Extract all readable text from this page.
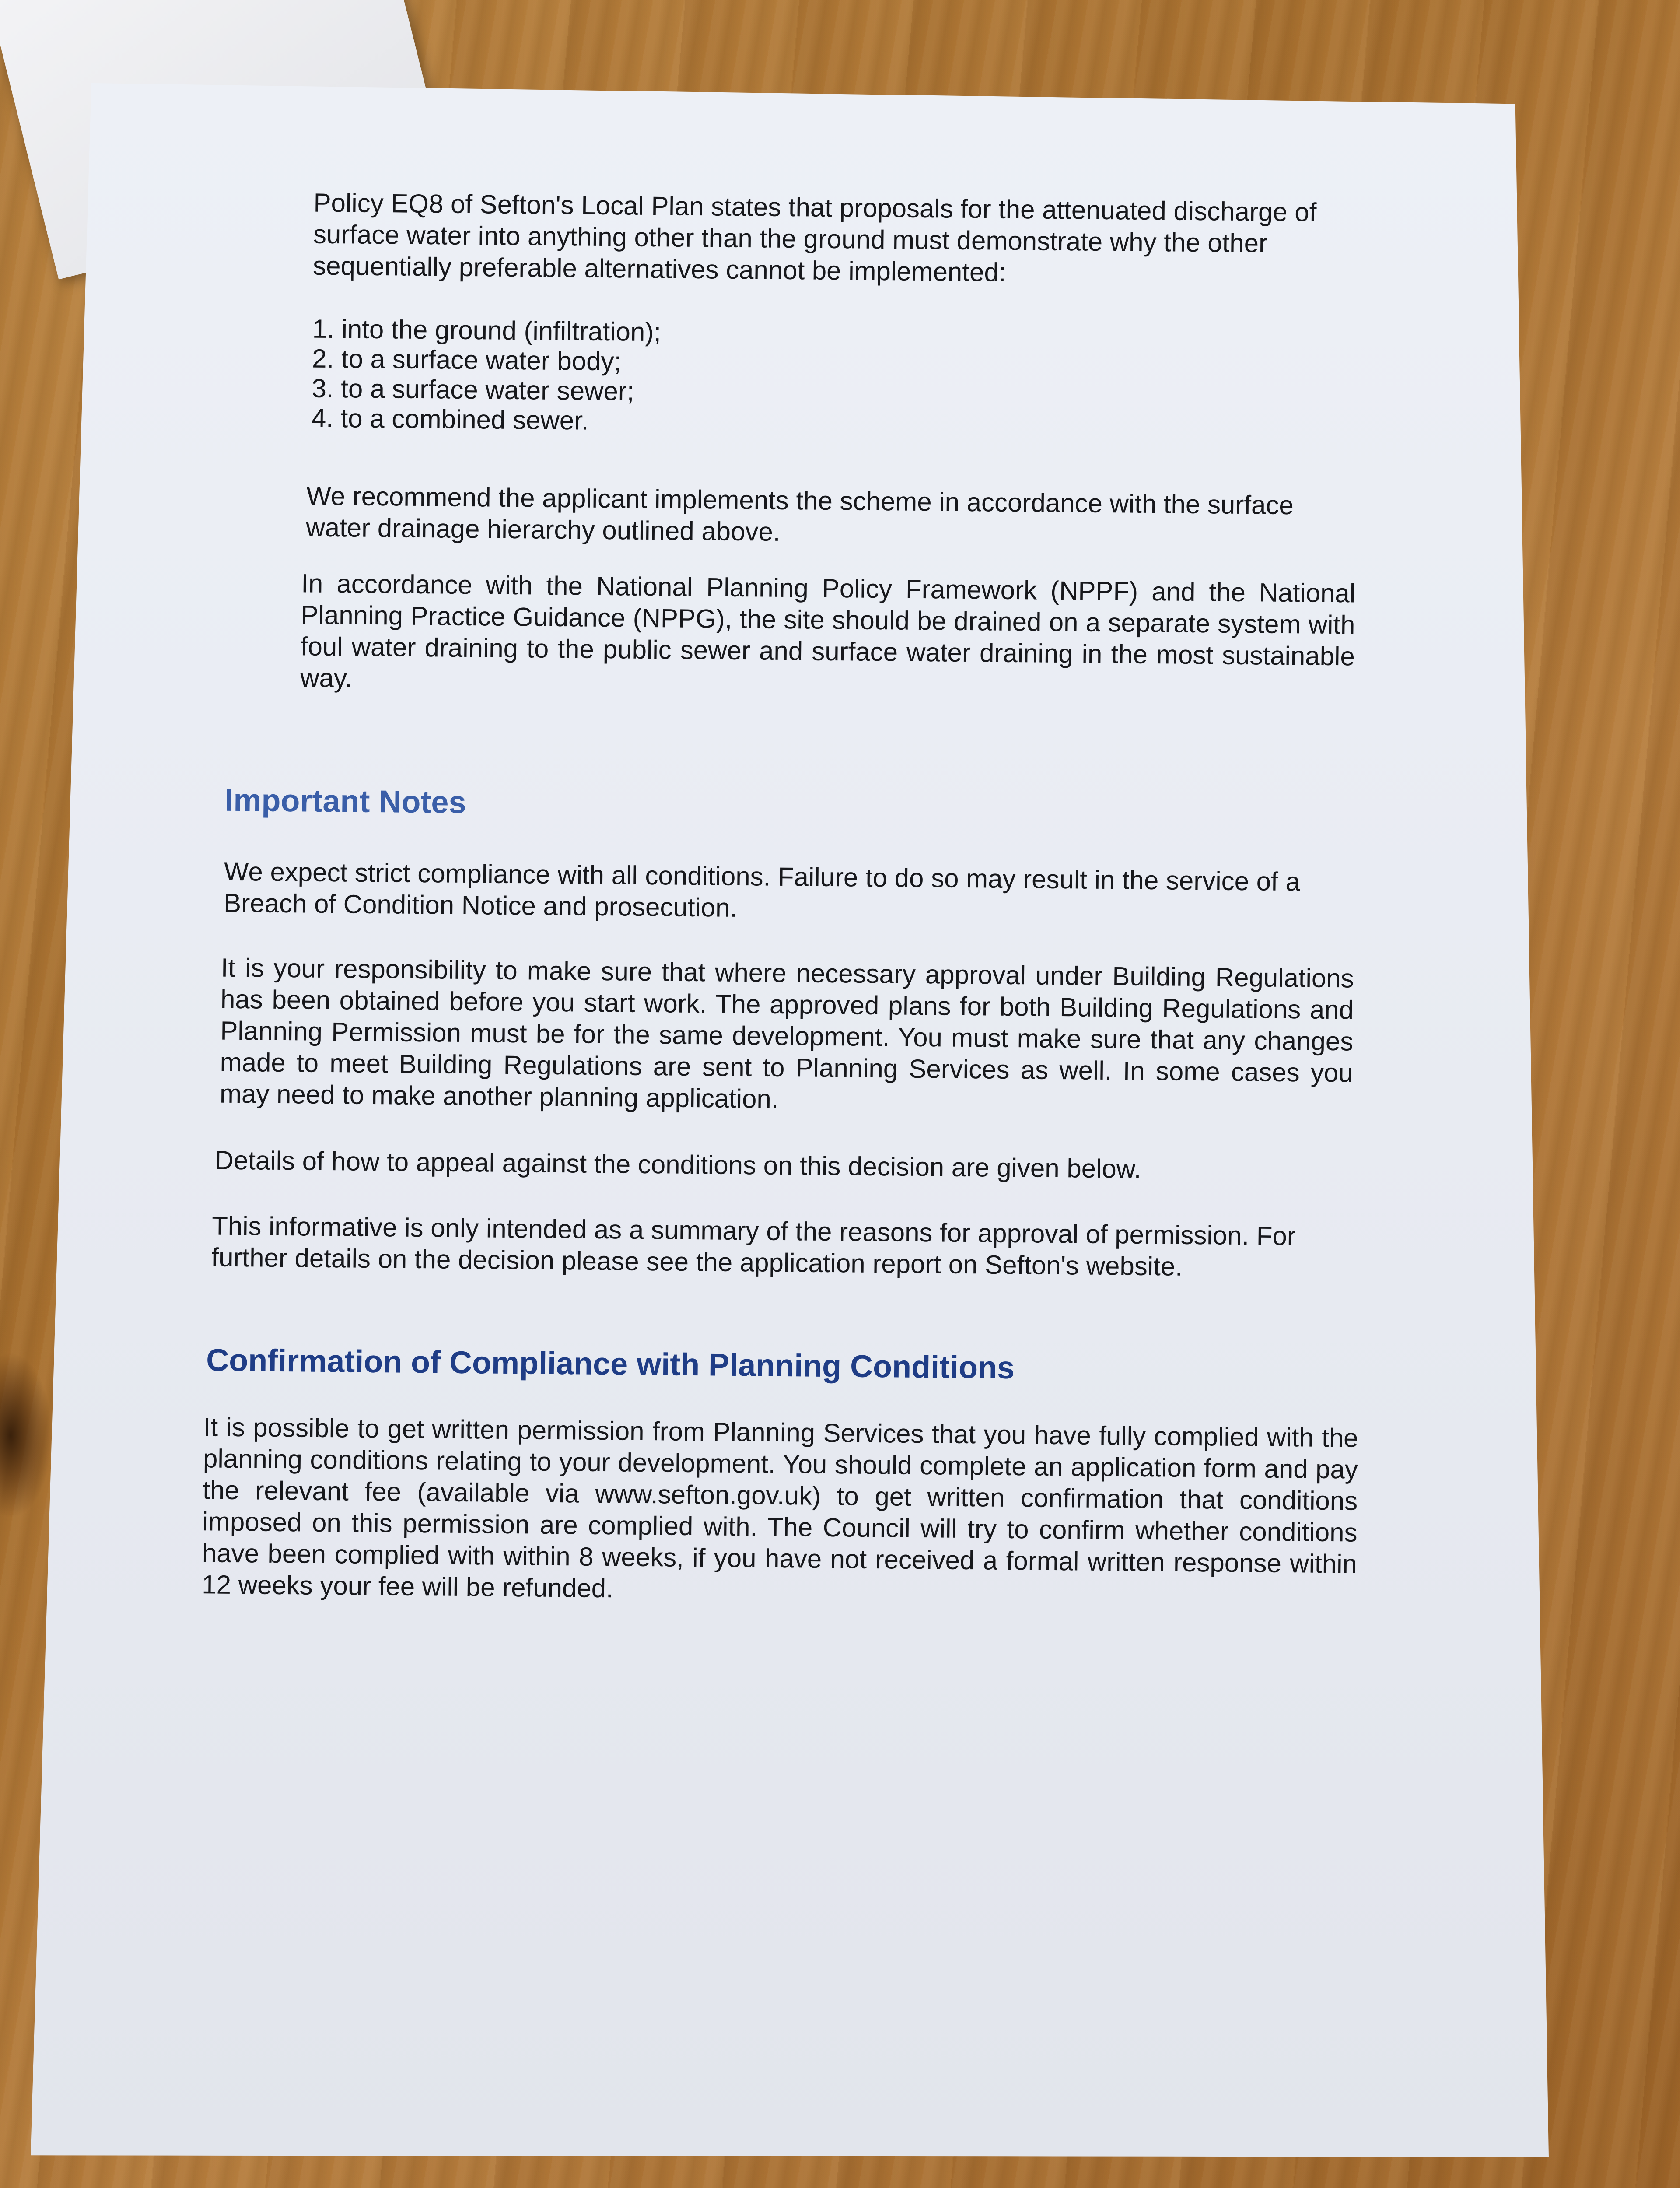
Policy EQ8 of Sefton's Local Plan states that proposals for the attenuated discharge of surface water into anything other than the ground must demonstrate why the other sequentially preferable alternatives cannot be implemented:

1. into the ground (infiltration);
2. to a surface water body;
3. to a surface water sewer;
4. to a combined sewer.

We recommend the applicant implements the scheme in accordance with the surface water drainage hierarchy outlined above.

In accordance with the National Planning Policy Framework (NPPF) and the National Planning Practice Guidance (NPPG), the site should be drained on a separate system with foul water draining to the public sewer and surface water draining in the most sustainable way.

Important Notes

We expect strict compliance with all conditions. Failure to do so may result in the service of a Breach of Condition Notice and prosecution.

It is your responsibility to make sure that where necessary approval under Building Regulations has been obtained before you start work. The approved plans for both Building Regulations and Planning Permission must be for the same development. You must make sure that any changes made to meet Building Regulations are sent to Planning Services as well. In some cases you may need to make another planning application.

Details of how to appeal against the conditions on this decision are given below.

This informative is only intended as a summary of the reasons for approval of permission. For further details on the decision please see the application report on Sefton's website.

Confirmation of Compliance with Planning Conditions

It is possible to get written permission from Planning Services that you have fully complied with the planning conditions relating to your development. You should complete an application form and pay the relevant fee (available via www.sefton.gov.uk) to get written confirmation that conditions imposed on this permission are complied with. The Council will try to confirm whether conditions have been complied with within 8 weeks, if you have not received a formal written response within 12 weeks your fee will be refunded.
